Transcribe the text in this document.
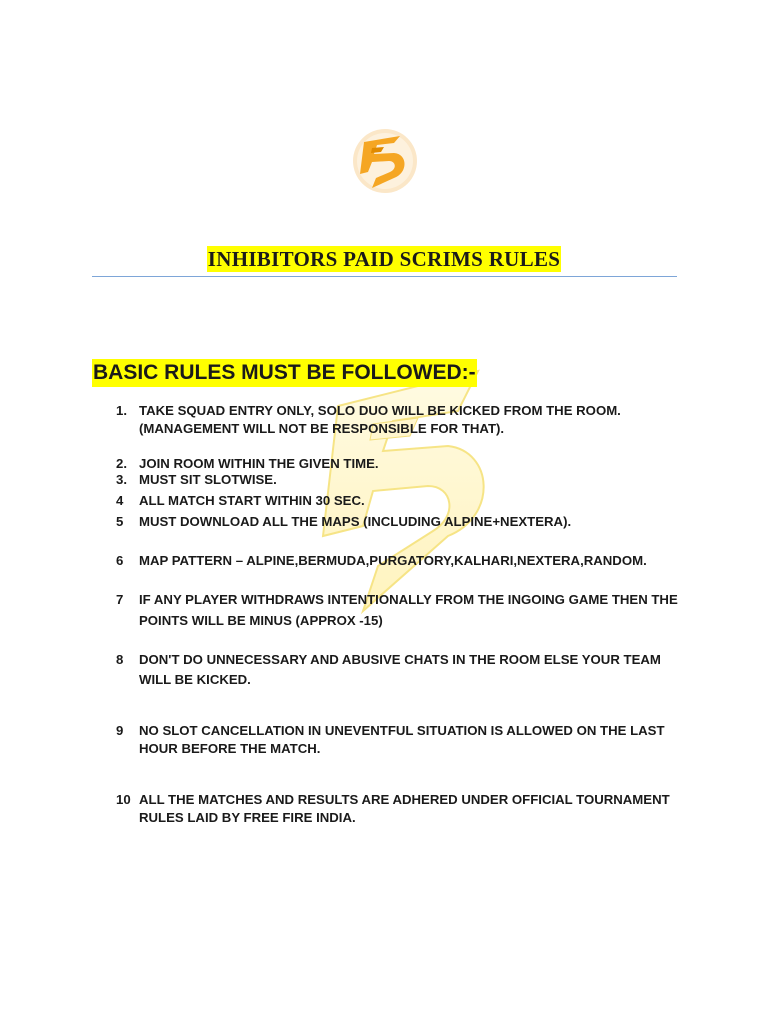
INHIBITORS PAID SCRIMS RULES
BASIC RULES MUST BE FOLLOWED:-
1. TAKE SQUAD ENTRY ONLY, SOLO DUO WILL BE KICKED FROM THE ROOM.
(MANAGEMENT WILL NOT BE RESPONSIBLE FOR THAT).
2. JOIN ROOM WITHIN THE GIVEN TIME.
3. MUST SIT SLOTWISE.
4 ALL MATCH START WITHIN 30 SEC.
5 MUST DOWNLOAD ALL THE MAPS (INCLUDING ALPINE+NEXTERA).
6 MAP PATTERN – ALPINE,BERMUDA,PURGATORY,KALHARI,NEXTERA,RANDOM.
7 IF ANY PLAYER WITHDRAWS INTENTIONALLY FROM THE INGOING GAME THEN THE
POINTS WILL BE MINUS (APPROX -15)
8 DON'T DO UNNECESSARY AND ABUSIVE CHATS IN THE ROOM ELSE YOUR TEAM
WILL BE KICKED.
9 NO SLOT CANCELLATION IN UNEVENTFUL SITUATION IS ALLOWED ON THE LAST
HOUR BEFORE THE MATCH.
10 ALL THE MATCHES AND RESULTS ARE ADHERED UNDER OFFICIAL TOURNAMENT
RULES LAID BY FREE FIRE INDIA.
